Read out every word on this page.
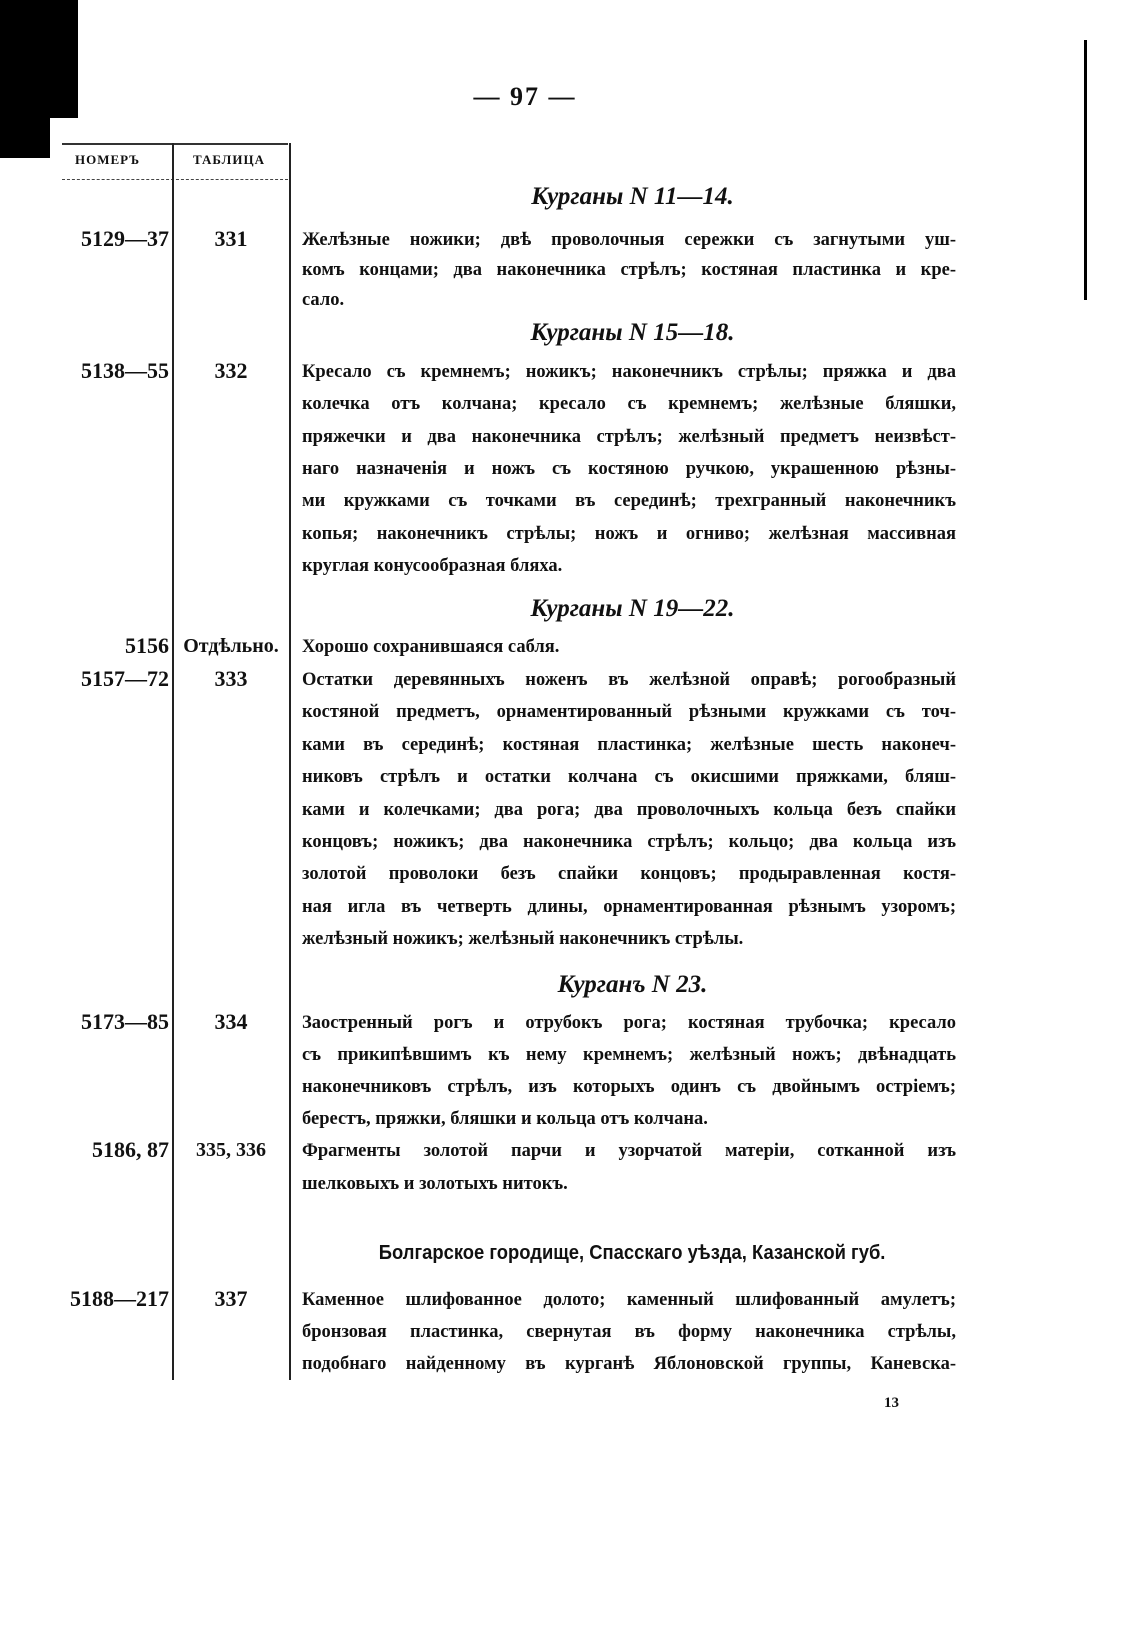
— 97 —
НОМЕРЪ	ТАБЛИЦА
Курганы N 11—14.
Курганы N 15—18.
Курганы N 19—22.
Курганъ N 23.
Болгарское городище, Спасскаго уѣзда, Казанской губ.
5129—37	331	Желѣзные ножики; двѣ проволочныя сережки съ загнутыми уш-
комъ концами; два наконечника стрѣлъ; костяная пластинка и кре-
сало.
5138—55	332	Кресало съ кремнемъ; ножикъ; наконечникъ стрѣлы; пряжка и два
колечка отъ колчана; кресало съ кремнемъ; желѣзные бляшки,
пряжечки и два наконечника стрѣлъ; желѣзный предметъ неизвѣст-
наго назначенія и ножъ съ костяною ручкою, украшенною рѣзны-
ми кружками съ точками въ серединѣ; трехгранный наконечникъ
копья; наконечникъ стрѣлы; ножъ и огниво; желѣзная массивная
круглая конусообразная бляха.
5156 Отдѣльно.	Хорошо сохранившаяся сабля.
5157—72	333	Остатки деревянныхъ ноженъ въ желѣзной оправѣ; рогообразный
костяной предметъ, орнаментированный рѣзными кружками съ точ-
ками въ серединѣ; костяная пластинка; желѣзные шесть наконеч-
никовъ стрѣлъ и остатки колчана съ окисшими пряжками, бляш-
ками и колечками; два рога; два проволочныхъ кольца безъ спайки
концовъ; ножикъ; два наконечника стрѣлъ; кольцо; два кольца изъ
золотой проволоки безъ спайки концовъ; продыравленная костя-
ная игла въ четверть длины, орнаментированная рѣзнымъ узоромъ;
желѣзный ножикъ; желѣзный наконечникъ стрѣлы.
5173—85	334	Заостренный рогъ и отрубокъ рога; костяная трубочка; кресало
съ прикипѣвшимъ къ нему кремнемъ; желѣзный ножъ; двѣнадцать
наконечниковъ стрѣлъ, изъ которыхъ одинъ съ двойнымъ остріемъ;
берестъ, пряжки, бляшки и кольца отъ колчана.
5186, 87	335, 336	Фрагменты золотой парчи и узорчатой матеріи, сотканной изъ
шелковыхъ и золотыхъ нитокъ.
5188—217	337	Каменное шлифованное долото; каменный шлифованный амулетъ;
бронзовая пластинка, свернутая въ форму наконечника стрѣлы,
подобнаго найденному въ курганѣ Яблоновской группы, Каневска-
13
